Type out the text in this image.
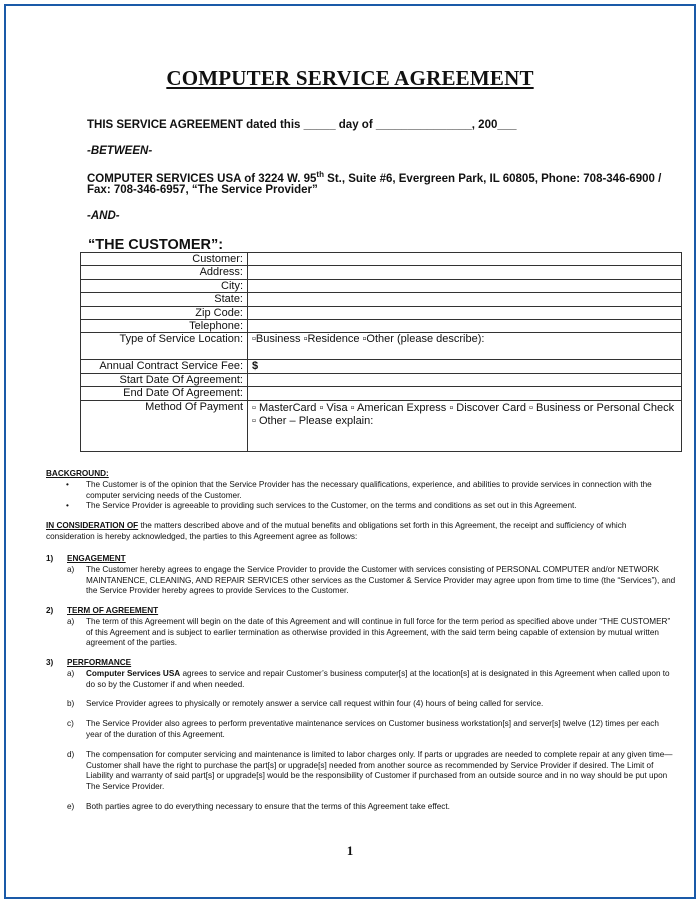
COMPUTER SERVICE AGREEMENT
THIS SERVICE AGREEMENT dated this _____ day of _______________, 200___
-BETWEEN-
COMPUTER SERVICES USA of 3224 W. 95th St., Suite #6, Evergreen Park, IL 60805, Phone: 708-346-6900 /
Fax: 708-346-6957, “The Service Provider”
-AND-
“THE CUSTOMER”:
Customer:	
Address:	
City:	
State:	
Zip Code:	
Telephone:	
Type of Service Location:	▫Business ▫Residence ▫Other (please describe):
Annual Contract Service Fee:	$
Start Date Of Agreement:	
End Date Of Agreement:	
Method Of Payment	▫ MasterCard ▫ Visa ▫ American Express ▫ Discover Card ▫ Business or Personal Check ▫ Other – Please explain:
BACKGROUND:
• The Customer is of the opinion that the Service Provider has the necessary qualifications, experience, and abilities to provide services in connection with the computer servicing needs of the Customer.
• The Service Provider is agreeable to providing such services to the Customer, on the terms and conditions as set out in this Agreement.
IN CONSIDERATION OF the matters described above and of the mutual benefits and obligations set forth in this Agreement, the receipt and sufficiency of which consideration is hereby acknowledged, the parties to this Agreement agree as follows:
1) ENGAGEMENT
a) The Customer hereby agrees to engage the Service Provider to provide the Customer with services consisting of PERSONAL COMPUTER and/or NETWORK MAINTANENCE, CLEANING, AND REPAIR SERVICES other services as the Customer & Service Provider may agree upon from time to time (the “Services”), and the Service Provider hereby agrees to provide Services to the Customer.
2) TERM OF AGREEMENT
a) The term of this Agreement will begin on the date of this Agreement and will continue in full force for the term period as specified above under “THE CUSTOMER” of this Agreement and is subject to earlier termination as otherwise provided in this Agreement, with the said term being capable of extension by mutual written agreement of the parties.
3) PERFORMANCE
a) Computer Services USA agrees to service and repair Customer’s business computer[s] at the location[s] at is designated in this Agreement when called upon to do so by the Customer if and when needed.
b) Service Provider agrees to physically or remotely answer a service call request within four (4) hours of being called for service.
c) The Service Provider also agrees to perform preventative maintenance services on Customer business workstation[s] and server[s] twelve (12) times per each year of the duration of this Agreement.
d) The compensation for computer servicing and maintenance is limited to labor charges only. If parts or upgrades are needed to complete repair at any given time—Customer shall have the right to purchase the part[s] or upgrade[s] needed from another source as recommended by Service Provider if desired. The Limit of Liability and warranty of said part[s] or upgrade[s] would be the responsibility of Customer if purchased from an outside source and in no way should be put upon The Service Provider.
e) Both parties agree to do everything necessary to ensure that the terms of this Agreement take effect.
1
